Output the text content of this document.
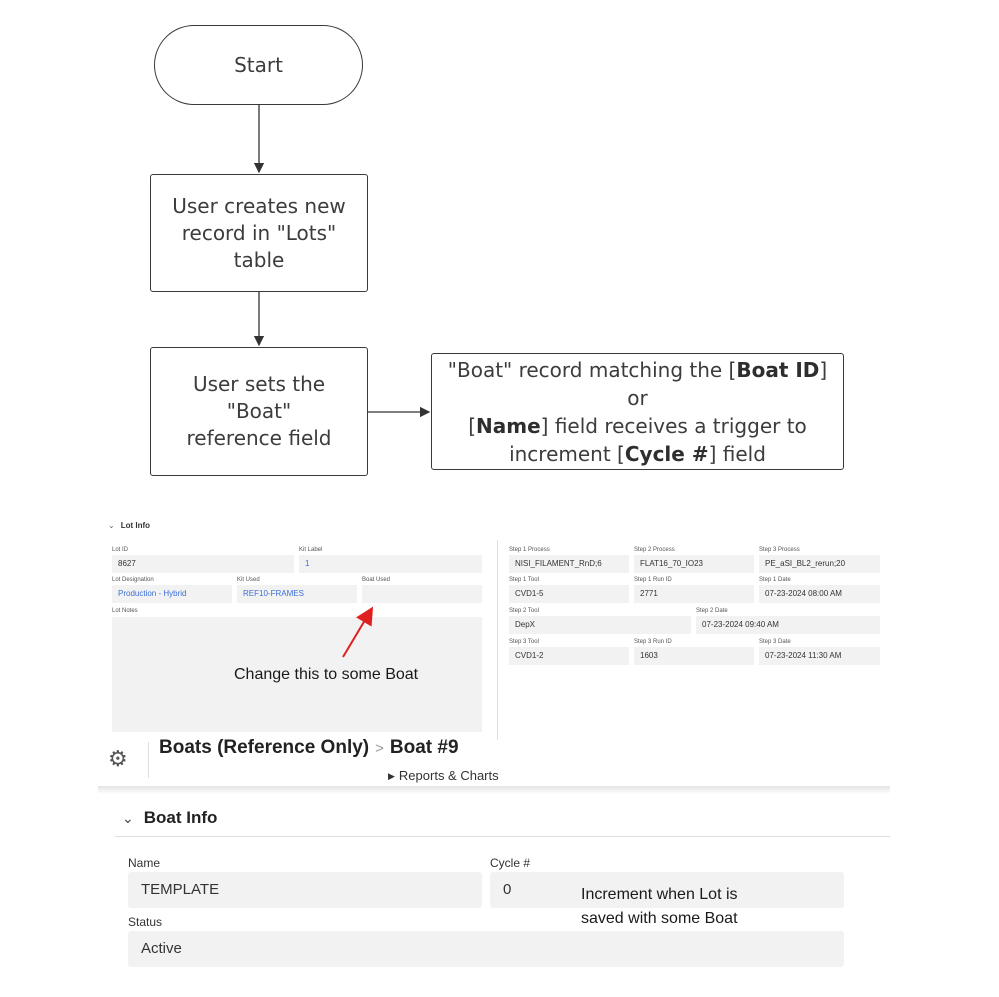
Start
User creates new
record in "Lots" table
User sets the "Boat"
reference field
"Boat" record matching the [Boat ID] or
[Name] field receives a trigger to
increment [Cycle #] field
⌄ Lot Info
Lot ID
8627
Kit Label
1
Lot Designation
Production - Hybrid
Kit Used
REF10-FRAMES
Boat Used
Lot Notes
Step 1 Process
NISI_FILAMENT_RnD;6
Step 2 Process
FLAT16_70_IO23
Step 3 Process
PE_aSI_BL2_rerun;20
Step 1 Tool
CVD1-5
Step 1 Run ID
2771
Step 1 Date
07-23-2024 08:00 AM
Step 2 Tool
DepX
Step 2 Date
07-23-2024 09:40 AM
Step 3 Tool
CVD1-2
Step 3 Run ID
1603
Step 3 Date
07-23-2024 11:30 AM
Change this to some Boat
⚙ Boats (Reference Only) > Boat #9
▶ Reports & Charts
⌄ Boat Info
Name
TEMPLATE
Cycle #
0
Status
Active
Increment when Lot is
saved with some Boat
